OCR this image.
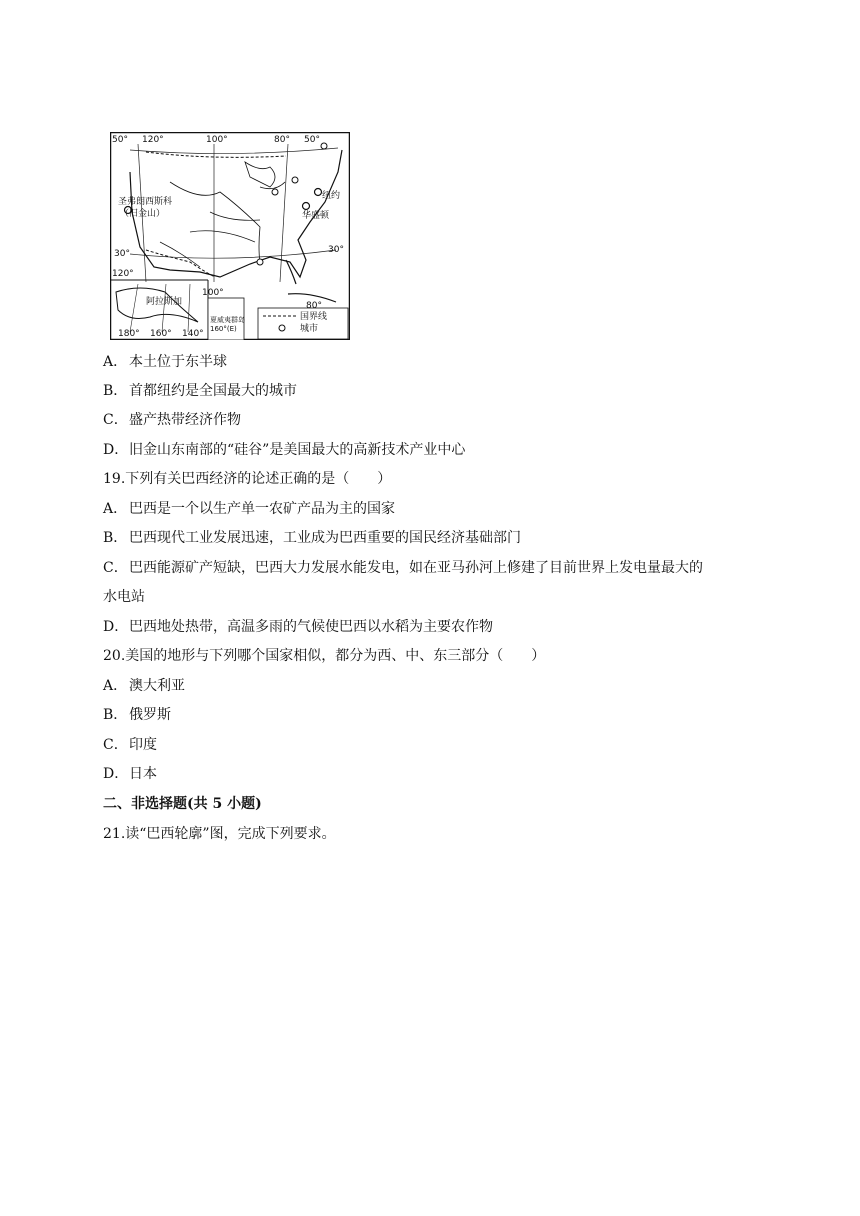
50° 120°	100°	80° 50°
30°	30°
120°
100°
80°
180° 160° 140°
圣弗朗西斯科
（旧金山）
纽约
华盛顿
阿拉斯加
夏威夷群岛
160°(E)
国界线
城市
A． 本土位于东半球
B． 首都纽约是全国最大的城市
C．盛产热带经济作物
D．旧金山东南部的“硅谷”是美国最大的高新技术产业中心
19.下列有关巴西经济的论述正确的是（　　）
A． 巴西是一个以生产单一农矿产品为主的国家
B． 巴西现代工业发展迅速，工业成为巴西重要的国民经济基础部门
C．巴西能源矿产短缺，巴西大力发展水能发电，如在亚马孙河上修建了目前世界上发电量最大的
水电站
D．巴西地处热带，高温多雨的气候使巴西以水稻为主要农作物
20.美国的地形与下列哪个国家相似，都分为西、中、东三部分（　　）
A． 澳大利亚
B． 俄罗斯
C．印度
D．日本
二、非选择题(共 5 小题)
21.读“巴西轮廓”图，完成下列要求。
